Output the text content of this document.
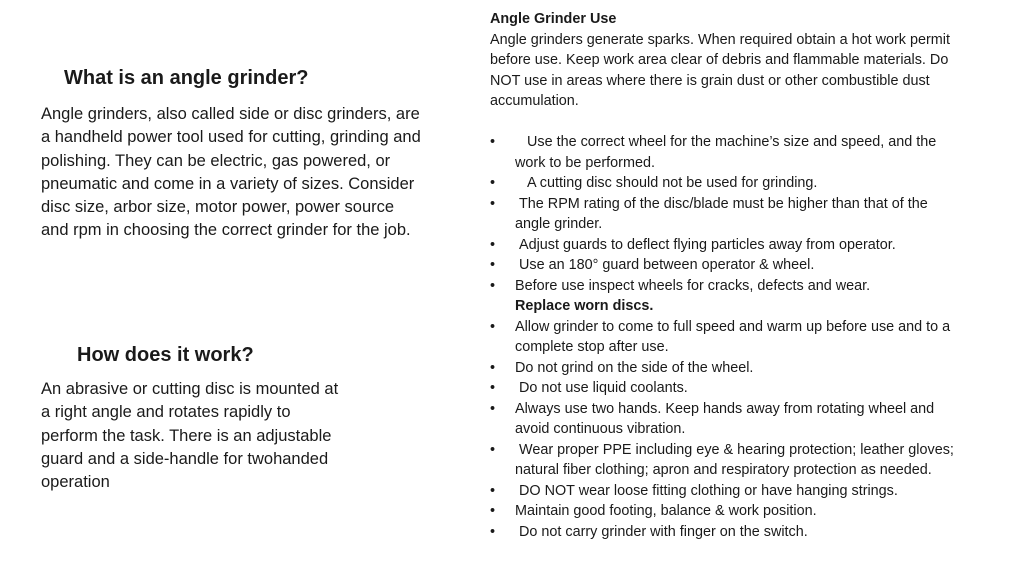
What is an angle grinder?

Angle grinders, also called side or disc grinders, are a handheld power tool used for cutting, grinding and polishing. They can be electric, gas powered, or pneumatic and come in a variety of sizes. Consider disc size, arbor size, motor power, power source and rpm in choosing the correct grinder for the job.

How does it work?

An abrasive or cutting disc is mounted at a right angle and rotates rapidly to perform the task. There is an adjustable guard and a side-handle for twohanded operation

Angle Grinder Use
Angle grinders generate sparks. When required obtain a hot work permit before use. Keep work area clear of debris and flammable materials. Do NOT use in areas where there is grain dust or other combustible dust accumulation.
• Use the correct wheel for the machine’s size and speed, and the work to be performed.
• A cutting disc should not be used for grinding.
• The RPM rating of the disc/blade must be higher than that of the angle grinder.
• Adjust guards to deflect flying particles away from operator.
• Use an 180° guard between operator & wheel.
• Before use inspect wheels for cracks, defects and wear.
Replace worn discs.
• Allow grinder to come to full speed and warm up before use and to a complete stop after use.
• Do not grind on the side of the wheel.
• Do not use liquid coolants.
• Always use two hands. Keep hands away from rotating wheel and avoid continuous vibration.
• Wear proper PPE including eye & hearing protection; leather gloves; natural fiber clothing; apron and respiratory protection as needed.
• DO NOT wear loose fitting clothing or have hanging strings.
• Maintain good footing, balance & work position.
• Do not carry grinder with finger on the switch.
